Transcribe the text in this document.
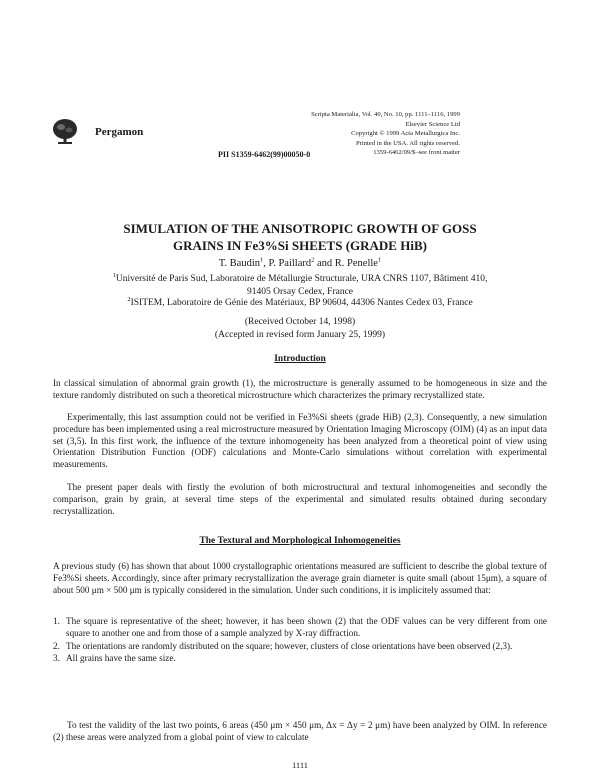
Pergamon
Scripta Materialia, Vol. 40, No. 10, pp. 1111–1116, 1999
Elsevier Science Ltd
Copyright © 1999 Acta Metallurgica Inc.
Printed in the USA. All rights reserved.
1359-6462/99/$–see front matter
PII S1359-6462(99)00050-0
SIMULATION OF THE ANISOTROPIC GROWTH OF GOSS
GRAINS IN Fe3%Si SHEETS (GRADE HiB)
T. Baudin$^1$, P. Paillard$^2$ and R. Penelle$^1$
$^1$Université de Paris Sud, Laboratoire de Métallurgie Structurale, URA CNRS 1107, Bâtiment 410,
91405 Orsay Cedex, France
$^2$ISITEM, Laboratoire de Génie des Matériaux, BP 90604, 44306 Nantes Cedex 03, France
(Received October 14, 1998)
(Accepted in revised form January 25, 1999)
Introduction
In classical simulation of abnormal grain growth (1), the microstructure is generally assumed to be homogeneous in size and the texture randomly distributed on such a theoretical microstructure which characterizes the primary recrystallized state.
Experimentally, this last assumption could not be verified in Fe3%Si sheets (grade HiB) (2,3). Consequently, a new simulation procedure has been implemented using a real microstructure measured by Orientation Imaging Microscopy (OIM) (4) as an input data set (3,5). In this first work, the influence of the texture inhomogeneity has been analyzed from a theoretical point of view using Orientation Distribution Function (ODF) calculations and Monte-Carlo simulations without correlation with experimental measurements.
The present paper deals with firstly the evolution of both microstructural and textural inhomogeneities and secondly the comparison, grain by grain, at several time steps of the experimental and simulated results obtained during secondary recrystallization.
The Textural and Morphological Inhomogeneities
A previous study (6) has shown that about 1000 crystallographic orientations measured are sufficient to describe the global texture of Fe3%Si sheets. Accordingly, since after primary recrystallization the average grain diameter is quite small (about 15μm), a square of about 500 μm × 500 μm is typically considered in the simulation. Under such conditions, it is implicitely assumed that:
1. The square is representative of the sheet; however, it has been shown (2) that the ODF values can be very different from one square to another one and from those of a sample analyzed by X-ray diffraction.
2. The orientations are randomly distributed on the square; however, clusters of close orientations have been observed (2,3).
3. All grains have the same size.
To test the validity of the last two points, 6 areas (450 μm × 450 μm, Δx = Δy = 2 μm) have been analyzed by OIM. In reference (2) these areas were analyzed from a global point of view to calculate
1111
